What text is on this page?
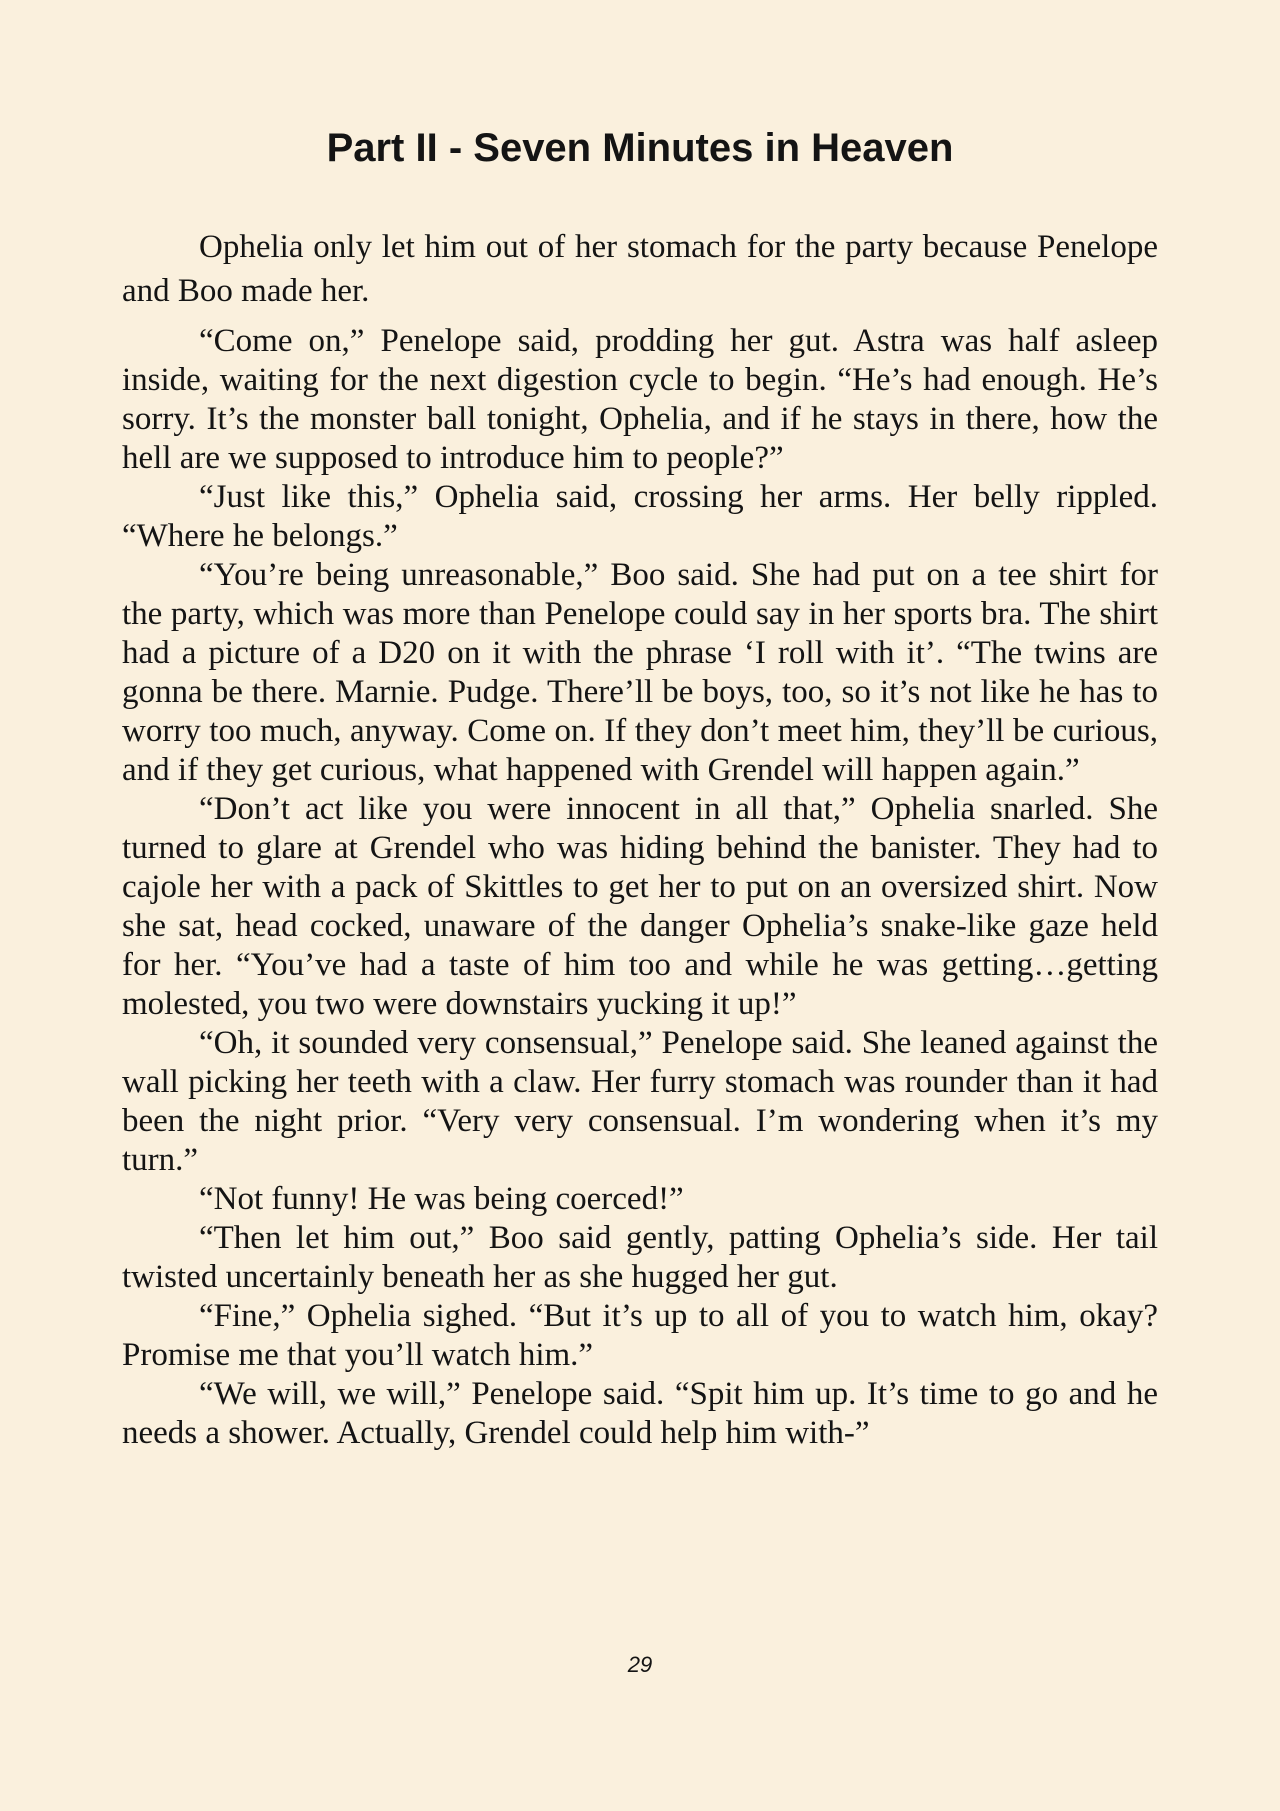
Part II - Seven Minutes in Heaven

Ophelia only let him out of her stomach for the party because Penelope and Boo made her.

“Come on,” Penelope said, prodding her gut. Astra was half asleep inside, waiting for the next digestion cycle to begin. “He’s had enough. He’s sorry. It’s the monster ball tonight, Ophelia, and if he stays in there, how the hell are we supposed to introduce him to people?”

“Just like this,” Ophelia said, crossing her arms. Her belly rippled. “Where he belongs.”

“You’re being unreasonable,” Boo said. She had put on a tee shirt for the party, which was more than Penelope could say in her sports bra. The shirt had a picture of a D20 on it with the phrase ‘I roll with it’. “The twins are gonna be there. Marnie. Pudge. There’ll be boys, too, so it’s not like he has to worry too much, anyway. Come on. If they don’t meet him, they’ll be curious, and if they get curious, what happened with Grendel will happen again.”

“Don’t act like you were innocent in all that,” Ophelia snarled. She turned to glare at Grendel who was hiding behind the banister. They had to cajole her with a pack of Skittles to get her to put on an oversized shirt. Now she sat, head cocked, unaware of the danger Ophelia’s snake-like gaze held for her. “You’ve had a taste of him too and while he was getting…getting molested, you two were downstairs yucking it up!”

“Oh, it sounded very consensual,” Penelope said. She leaned against the wall picking her teeth with a claw. Her furry stomach was rounder than it had been the night prior. “Very very consensual. I’m wondering when it’s my turn.”

“Not funny! He was being coerced!”

“Then let him out,” Boo said gently, patting Ophelia’s side. Her tail twisted uncertainly beneath her as she hugged her gut.

“Fine,” Ophelia sighed. “But it’s up to all of you to watch him, okay? Promise me that you’ll watch him.”

“We will, we will,” Penelope said. “Spit him up. It’s time to go and he needs a shower. Actually, Grendel could help him with-”

29
